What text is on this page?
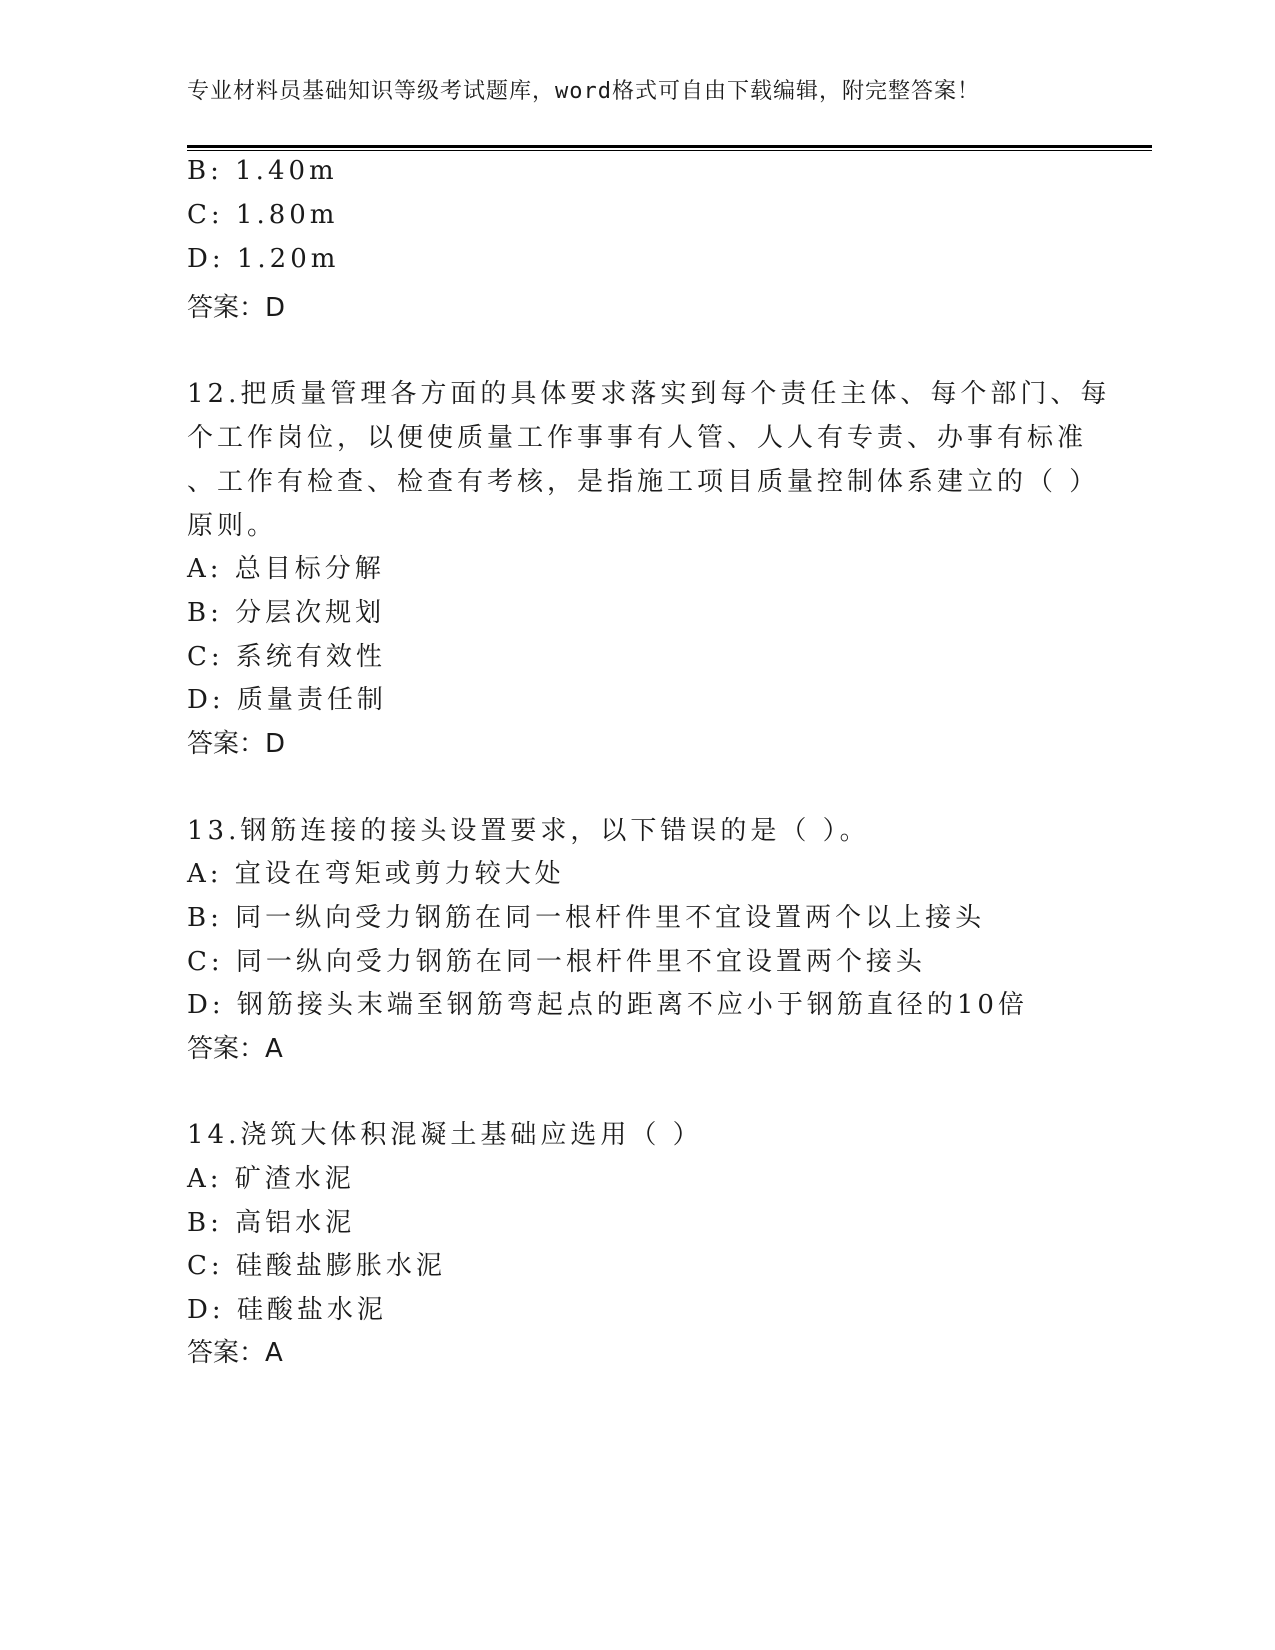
专业材料员基础知识等级考试题库，word格式可自由下载编辑，附完整答案！
B: 1.40m
C: 1.80m
D: 1.20m
答案：D
12.把质量管理各方面的具体要求落实到每个责任主体、每个部门、每
个工作岗位，以便使质量工作事事有人管、人人有专责、办事有标准
、工作有检查、检查有考核，是指施工项目质量控制体系建立的（ ）
原则。
A: 总目标分解
B: 分层次规划
C: 系统有效性
D: 质量责任制
答案：D
13.钢筋连接的接头设置要求，以下错误的是（ ）。
A: 宜设在弯矩或剪力较大处
B: 同一纵向受力钢筋在同一根杆件里不宜设置两个以上接头
C: 同一纵向受力钢筋在同一根杆件里不宜设置两个接头
D: 钢筋接头末端至钢筋弯起点的距离不应小于钢筋直径的10倍
答案：A
14.浇筑大体积混凝土基础应选用（ ）
A: 矿渣水泥
B: 高铝水泥
C: 硅酸盐膨胀水泥
D: 硅酸盐水泥
答案：A
